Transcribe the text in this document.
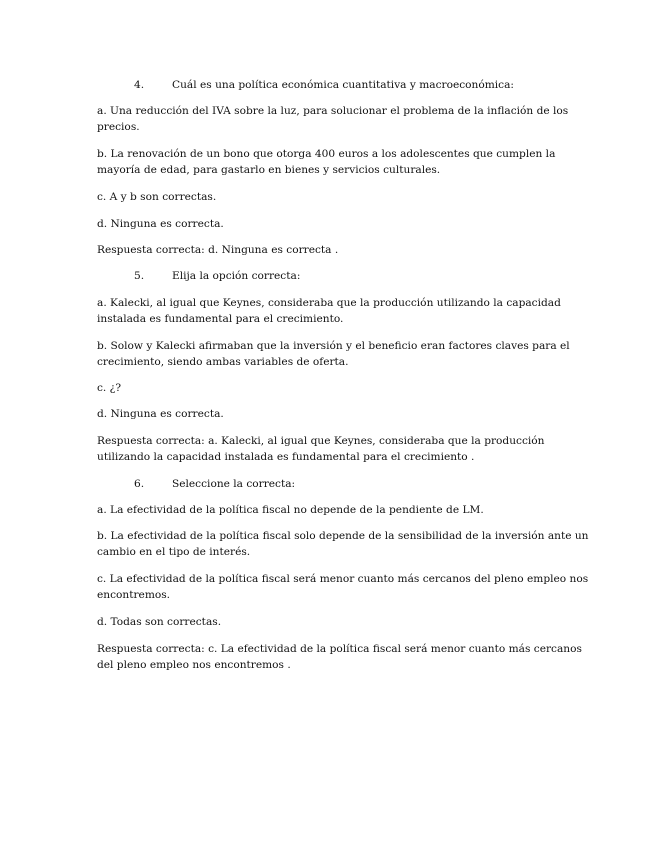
4.	Cuál es una política económica cuantitativa y macroeconómica:
a. Una reducción del IVA sobre la luz, para solucionar el problema de la inflación de los
precios.
b. La renovación de un bono que otorga 400 euros a los adolescentes que cumplen la
mayoría de edad, para gastarlo en bienes y servicios culturales.
c. A y b son correctas.
d. Ninguna es correcta.
Respuesta correcta: d. Ninguna es correcta .
5.	Elija la opción correcta:
a. Kalecki, al igual que Keynes, consideraba que la producción utilizando la capacidad
instalada es fundamental para el crecimiento.
b. Solow y Kalecki afirmaban que la inversión y el beneficio eran factores claves para el
crecimiento, siendo ambas variables de oferta.
c. ¿?
d. Ninguna es correcta.
Respuesta correcta: a. Kalecki, al igual que Keynes, consideraba que la producción
utilizando la capacidad instalada es fundamental para el crecimiento .
6.	Seleccione la correcta:
a. La efectividad de la política fiscal no depende de la pendiente de LM.
b. La efectividad de la política fiscal solo depende de la sensibilidad de la inversión ante un
cambio en el tipo de interés.
c. La efectividad de la política fiscal será menor cuanto más cercanos del pleno empleo nos
encontremos.
d. Todas son correctas.
Respuesta correcta: c. La efectividad de la política fiscal será menor cuanto más cercanos
del pleno empleo nos encontremos .
